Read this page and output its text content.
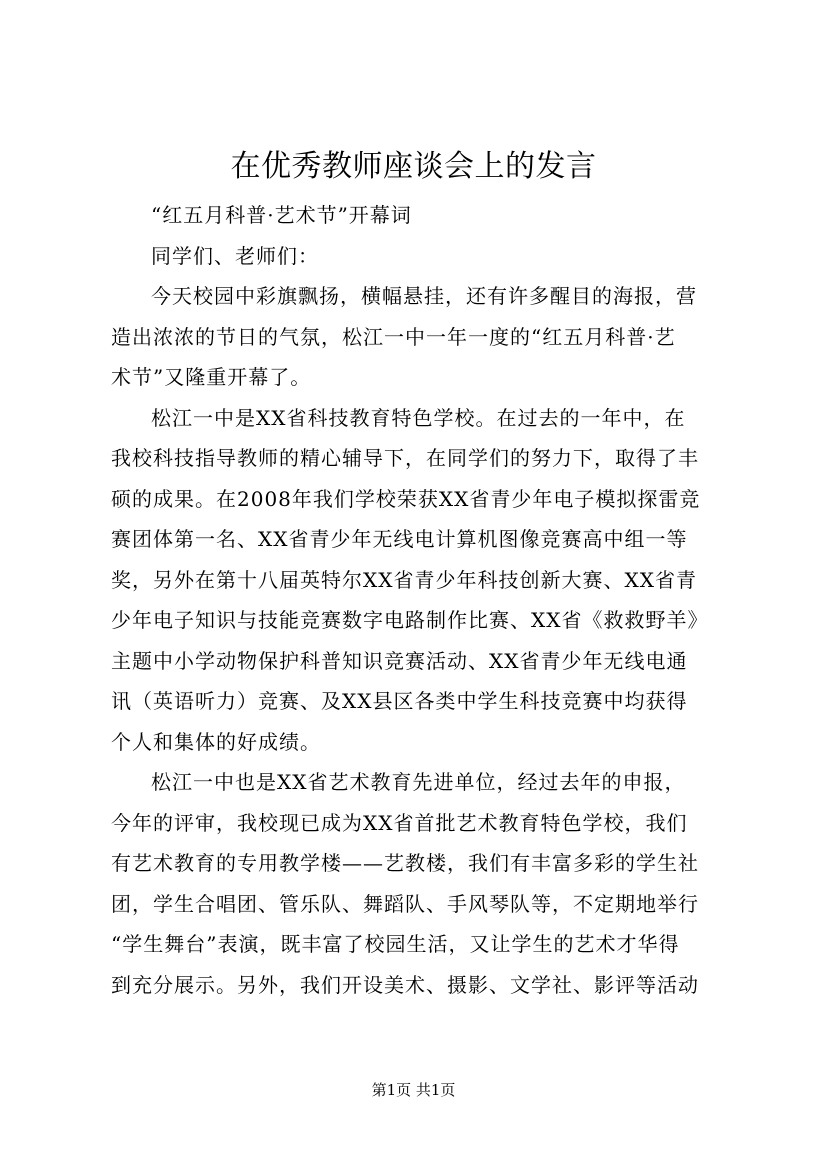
在优秀教师座谈会上的发言

“红五月科普·艺术节”开幕词

同学们、老师们：

今天校园中彩旗飘扬，横幅悬挂，还有许多醒目的海报，营
造出浓浓的节日的气氛，松江一中一年一度的“红五月科普·艺
术节”又隆重开幕了。

松江一中是XX省科技教育特色学校。在过去的一年中，在
我校科技指导教师的精心辅导下，在同学们的努力下，取得了丰
硕的成果。在2008年我们学校荣获XX省青少年电子模拟探雷竞
赛团体第一名、XX省青少年无线电计算机图像竞赛高中组一等
奖，另外在第十八届英特尔XX省青少年科技创新大赛、XX省青
少年电子知识与技能竞赛数字电路制作比赛、XX省《救救野羊》
主题中小学动物保护科普知识竞赛活动、XX省青少年无线电通
讯（英语听力）竞赛、及XX县区各类中学生科技竞赛中均获得
个人和集体的好成绩。

松江一中也是XX省艺术教育先进单位，经过去年的申报，
今年的评审，我校现已成为XX省首批艺术教育特色学校，我们
有艺术教育的专用教学楼——艺教楼，我们有丰富多彩的学生社
团，学生合唱团、管乐队、舞蹈队、手风琴队等，不定期地举行
“学生舞台”表演，既丰富了校园生活，又让学生的艺术才华得
到充分展示。另外，我们开设美术、摄影、文学社、影评等活动

第1页 共1页
